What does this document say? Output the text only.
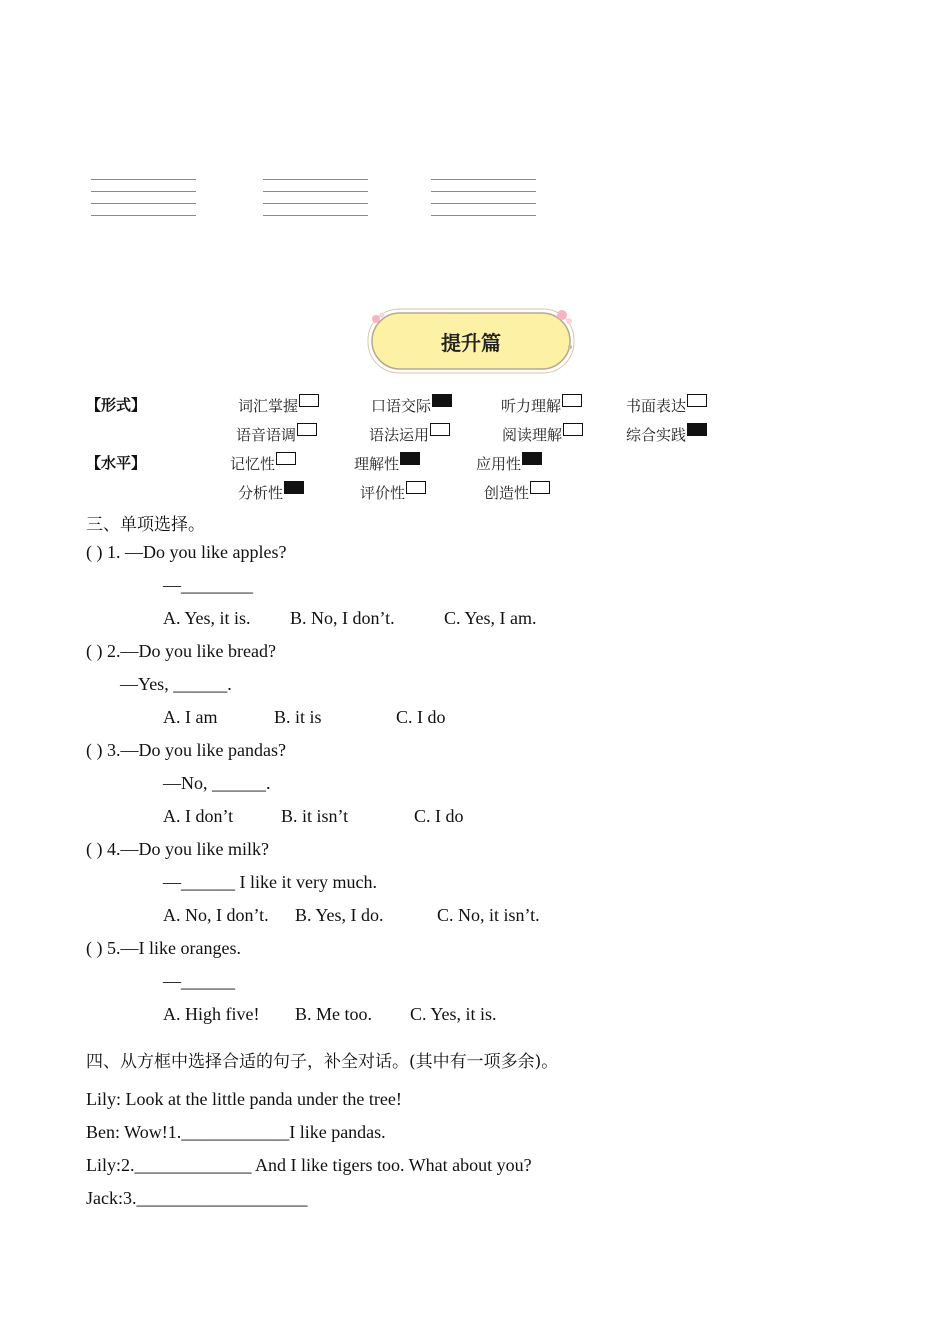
提升篇
【形式】	词汇掌握	口语交际	听力理解	书面表达
语音语调	语法运用	阅读理解	综合实践
【水平】	记忆性	理解性	应用性
分析性	评价性	创造性
三、单项选择。
( ) 1. —Do you like apples?
—________
A. Yes, it is. B. No, I don’t.	C. Yes, I am.
( ) 2.—Do you like bread?
—Yes, ______.
A. I am	B. it is	C. I do
( ) 3.—Do you like pandas?
—No, ______.
A. I don’t	B. it isn’t	C. I do
( ) 4.—Do you like milk?
—______ I like it very much.
A. No, I don’t. B. Yes, I do.	C. No, it isn’t.
( ) 5.—I like oranges.
—______
A. High five! B. Me too. C. Yes, it is.
四、从方框中选择合适的句子，补全对话。(其中有一项多余)。
Lily: Look at the little panda under the tree!
Ben: Wow!1.____________I like pandas.
Lily:2._____________ And I like tigers too. What about you?
Jack:3.___________________
